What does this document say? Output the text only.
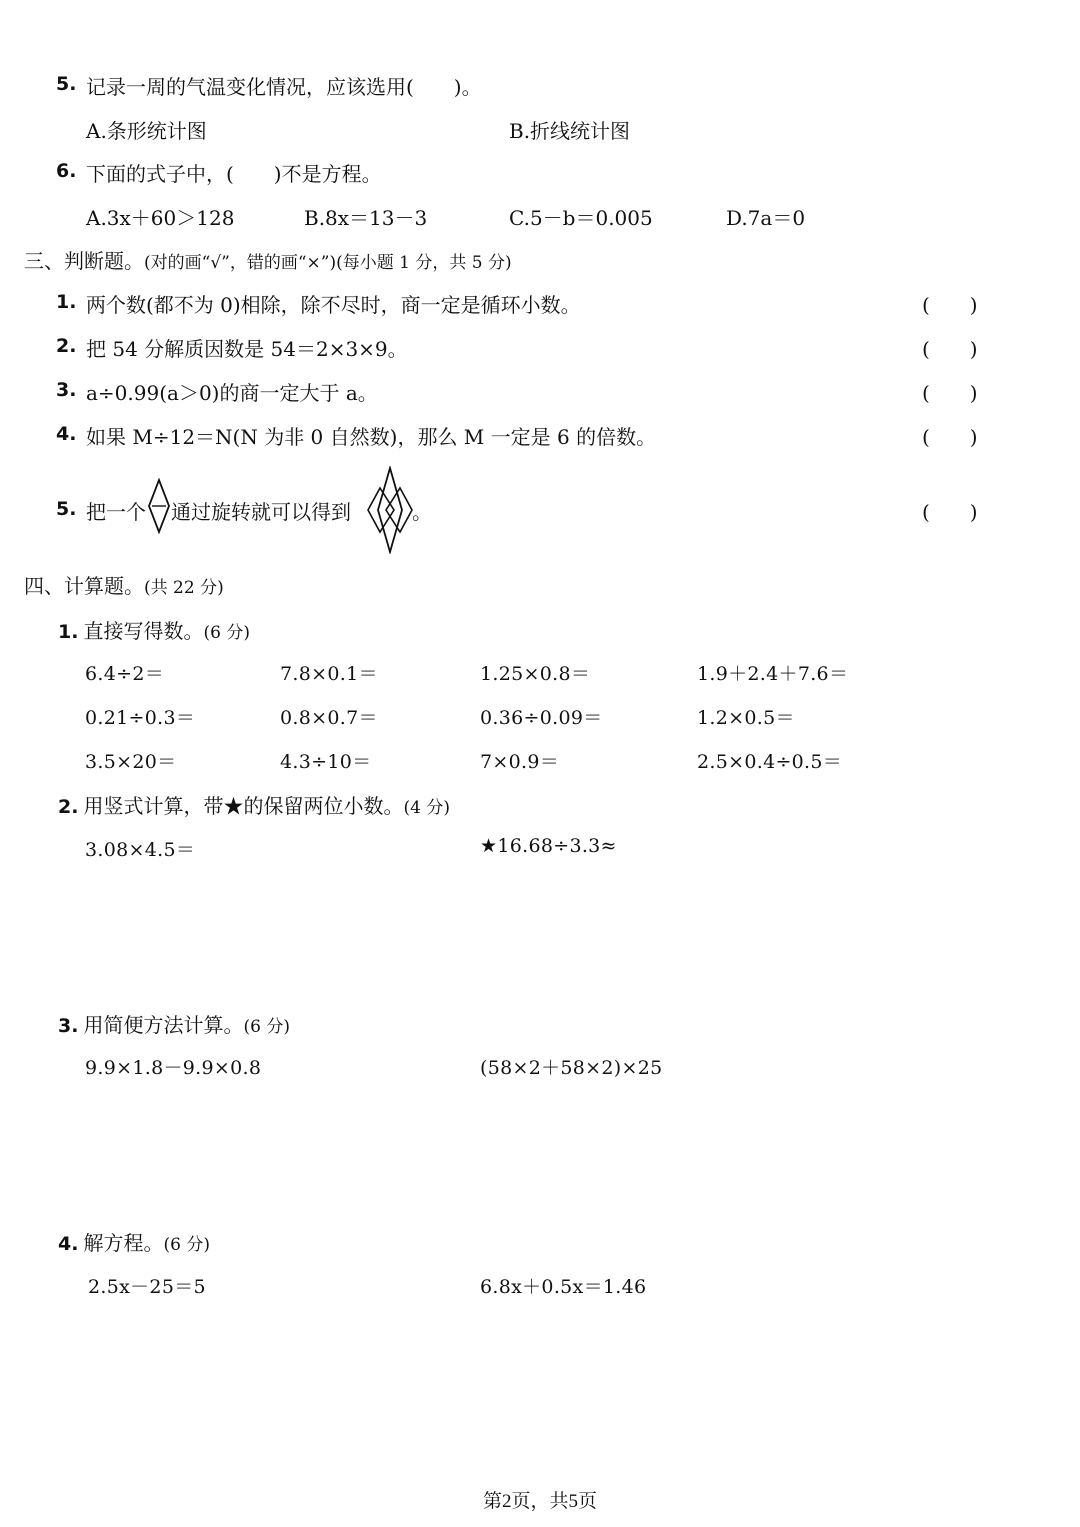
5. 记录一周的气温变化情况，应该选用(　　)。
A.条形统计图	B.折线统计图
6. 下面的式子中，(　　)不是方程。
A.3x＋60＞128	B.8x＝13－3	C.5－b＝0.005	D.7a＝0
三、判断题。(对的画“√”，错的画“×”)(每小题 1 分，共 5 分)
1. 两个数(都不为 0)相除，除不尽时，商一定是循环小数。	(　　)
2. 把 54 分解质因数是 54＝2×3×9。	(　　)
3. a÷0.99(a＞0)的商一定大于 a。	(　　)
4. 如果 M÷12＝N(N 为非 0 自然数)，那么 M 一定是 6 的倍数。	(　　)
5. 把一个 通过旋转就可以得到	。	(　　)
四、计算题。(共 22 分)
1. 直接写得数。(6 分)
6.4÷2＝	7.8×0.1＝	1.25×0.8＝	1.9＋2.4＋7.6＝
0.21÷0.3＝	0.8×0.7＝	0.36÷0.09＝	1.2×0.5＝
3.5×20＝	4.3÷10＝	7×0.9＝	2.5×0.4÷0.5＝
2. 用竖式计算，带★的保留两位小数。(4 分)
3.08×4.5＝	★16.68÷3.3≈
3. 用简便方法计算。(6 分)
9.9×1.8－9.9×0.8	(58×2＋58×2)×25
4. 解方程。(6 分)
2.5x－25＝5	6.8x＋0.5x＝1.46
第2页，共5页
